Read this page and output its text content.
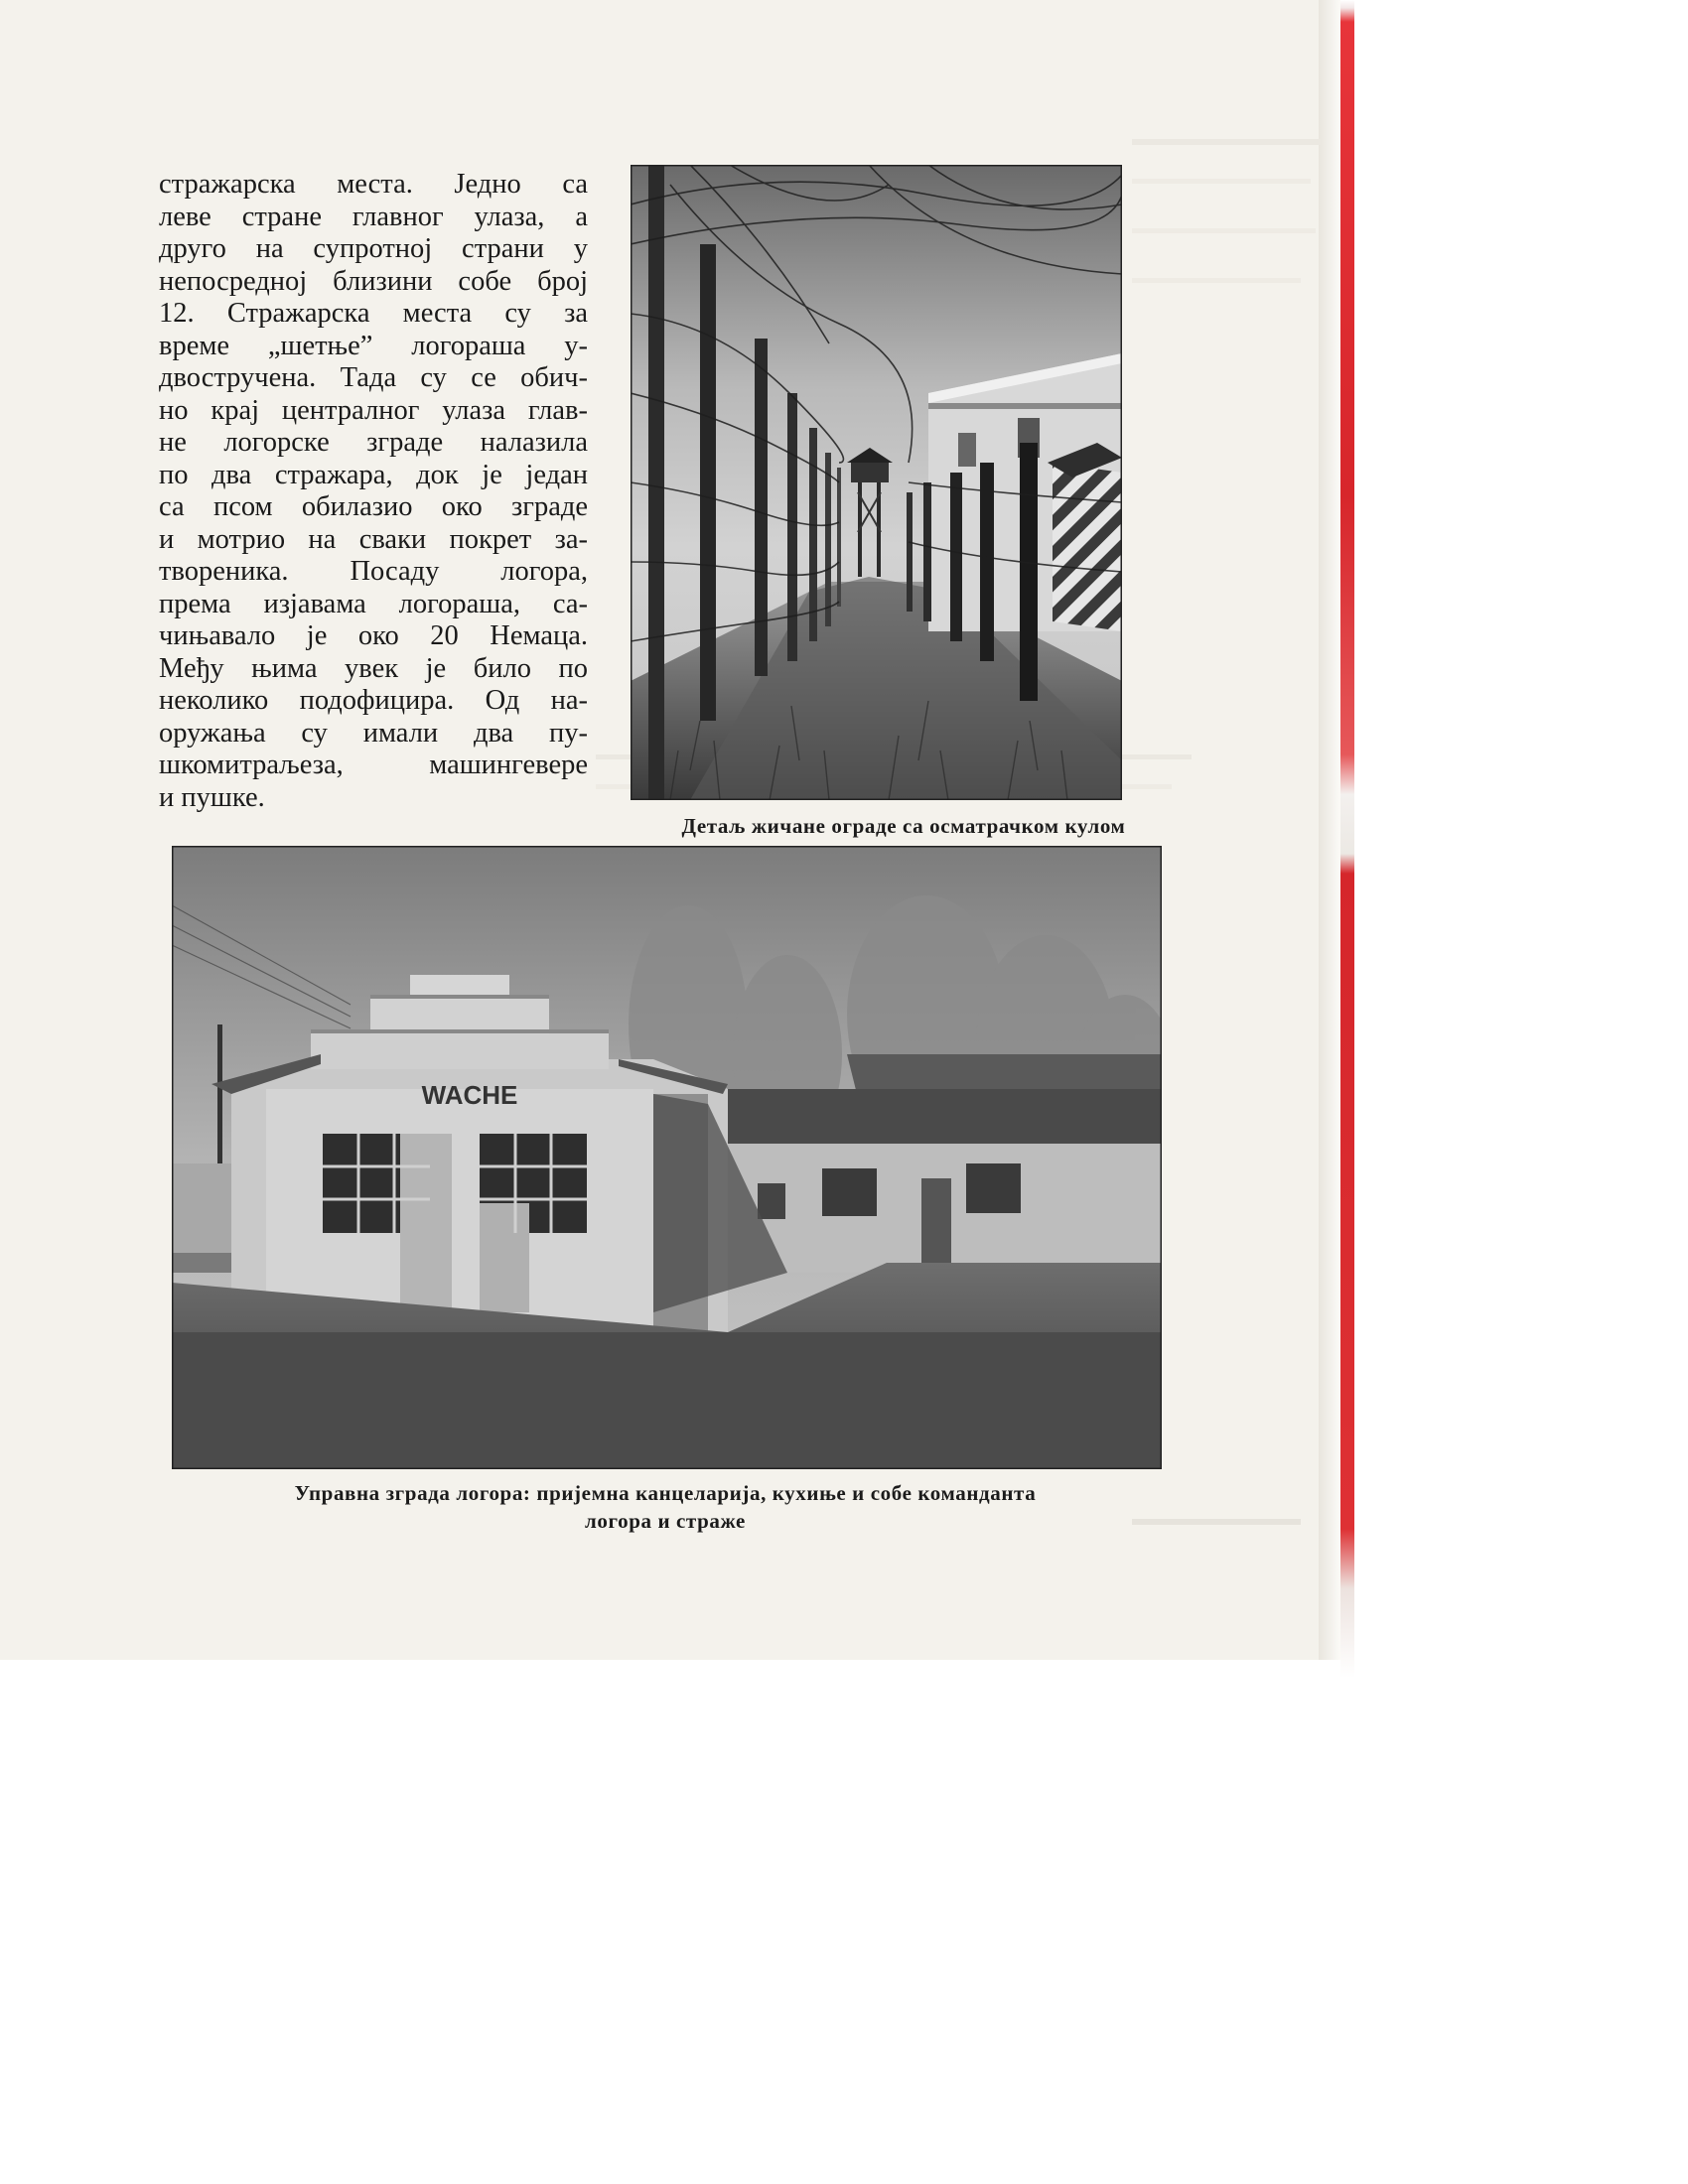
стражарска места. Једно са
леве стране главног улаза, а
друго на супротној страни у
непосредној близини собе број
12. Стражарска места су за
време „шетње” логораша у-
двостручена. Тада су се обич-
но крај централног улаза глав-
не логорске зграде налазила
по два стражара, док је један
са псом обилазио око зграде
и мотрио на сваки покрет за-
твореника. Посаду логора,
према изјавама логораша, са-
чињавало је око 20 Немаца.
Међу њима увек је било по
неколико подофицира. Од на-
оружања су имали два пу-
шкомитраљеза, машингевере
и пушке.
Детаљ жичане ограде са осматрачком кулом
WACHE
Управна зграда логора: пријемна канцеларија, кухиње и собе команданта
логора и страже
